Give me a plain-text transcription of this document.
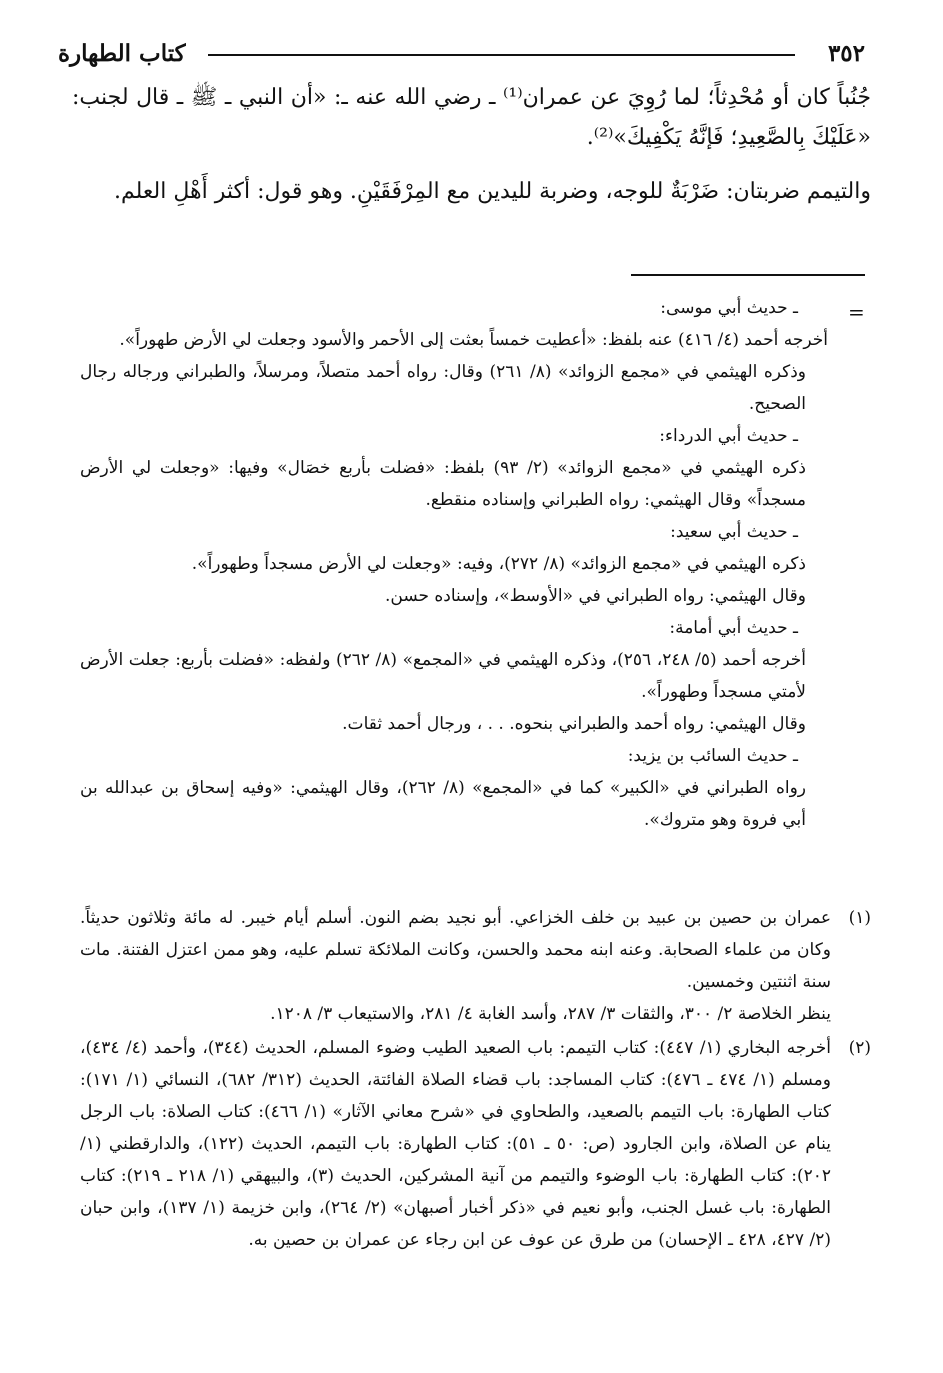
٣٥٢
كتاب الطهارة

جُنُباً كان أو مُحْدِثاً؛ لما رُوِيَ عن عمران⁽¹⁾ ـ رضي الله عنه ـ: «أن النبي ـ ﷺ ـ قال لجنب: «عَلَيْكَ بِالصَّعِيدِ؛ فَإنَّهُ يَكْفِيكَ»⁽²⁾.

والتيمم ضربتان: ضَرْبَةٌ للوجه، وضربة لليدين مع المِرْفَقَيْنِ. وهو قول: أكثر أَهْلِ العلم.

=

ـ حديث أبي موسى:

أخرجه أحمد (٤/ ٤١٦) عنه بلفظ: «أعطيت خمساً بعثت إلى الأحمر والأسود وجعلت لي الأرض طهوراً».

وذكره الهيثمي في «مجمع الزوائد» (٨/ ٢٦١) وقال: رواه أحمد متصلاً، ومرسلاً، والطبراني ورجاله رجال الصحيح.

ـ حديث أبي الدرداء:

ذكره الهيثمي في «مجمع الزوائد» (٢/ ٩٣) بلفظ: «فضلت بأربع خصَال» وفيها: «وجعلت لي الأرض مسجداً» وقال الهيثمي: رواه الطبراني وإسناده منقطع.

ـ حديث أبي سعيد:

ذكره الهيثمي في «مجمع الزوائد» (٨/ ٢٧٢)، وفيه: «وجعلت لي الأرض مسجداً وطهوراً».

وقال الهيثمي: رواه الطبراني في «الأوسط»، وإسناده حسن.

ـ حديث أبي أمامة:

أخرجه أحمد (٥/ ٢٤٨، ٢٥٦)، وذكره الهيثمي في «المجمع» (٨/ ٢٦٢) ولفظه: «فضلت بأربع: جعلت الأرض لأمتي مسجداً وطهوراً».

وقال الهيثمي: رواه أحمد والطبراني بنحوه. . . ، ورجال أحمد ثقات.

ـ حديث السائب بن يزيد:

رواه الطبراني في «الكبير» كما في «المجمع» (٨/ ٢٦٢)، وقال الهيثمي: «وفيه إسحاق بن عبدالله بن أبي فروة وهو متروك».

(١)

عمران بن حصين بن عبيد بن خلف الخزاعي. أبو نجيد بضم النون. أسلم أيام خيبر. له مائة وثلاثون حديثاً. وكان من علماء الصحابة. وعنه ابنه محمد والحسن، وكانت الملائكة تسلم عليه، وهو ممن اعتزل الفتنة. مات سنة اثنتين وخمسين.

ينظر الخلاصة ٢/ ٣٠٠، والثقات ٣/ ٢٨٧، وأسد الغابة ٤/ ٢٨١، والاستيعاب ٣/ ١٢٠٨.

(٢)

أخرجه البخاري (١/ ٤٤٧): كتاب التيمم: باب الصعيد الطيب وضوء المسلم، الحديث (٣٤٤)، وأحمد (٤/ ٤٣٤)، ومسلم (١/ ٤٧٤ ـ ٤٧٦): كتاب المساجد: باب قضاء الصلاة الفائتة، الحديث (٣١٢/ ٦٨٢)، النسائي (١/ ١٧١): كتاب الطهارة: باب التيمم بالصعيد، والطحاوي في «شرح معاني الآثار» (١/ ٤٦٦): كتاب الصلاة: باب الرجل ينام عن الصلاة، وابن الجارود (ص: ٥٠ ـ ٥١): كتاب الطهارة: باب التيمم، الحديث (١٢٢)، والدارقطني (١/ ٢٠٢): كتاب الطهارة: باب الوضوء والتيمم من آنية المشركين، الحديث (٣)، والبيهقي (١/ ٢١٨ ـ ٢١٩): كتاب الطهارة: باب غسل الجنب، وأبو نعيم في «ذكر أخبار أصبهان» (٢/ ٢٦٤)، وابن خزيمة (١/ ١٣٧)، وابن حبان (٢/ ٤٢٧، ٤٢٨ ـ الإحسان) من طرق عن عوف عن ابن رجاء عن عمران بن حصين به.
